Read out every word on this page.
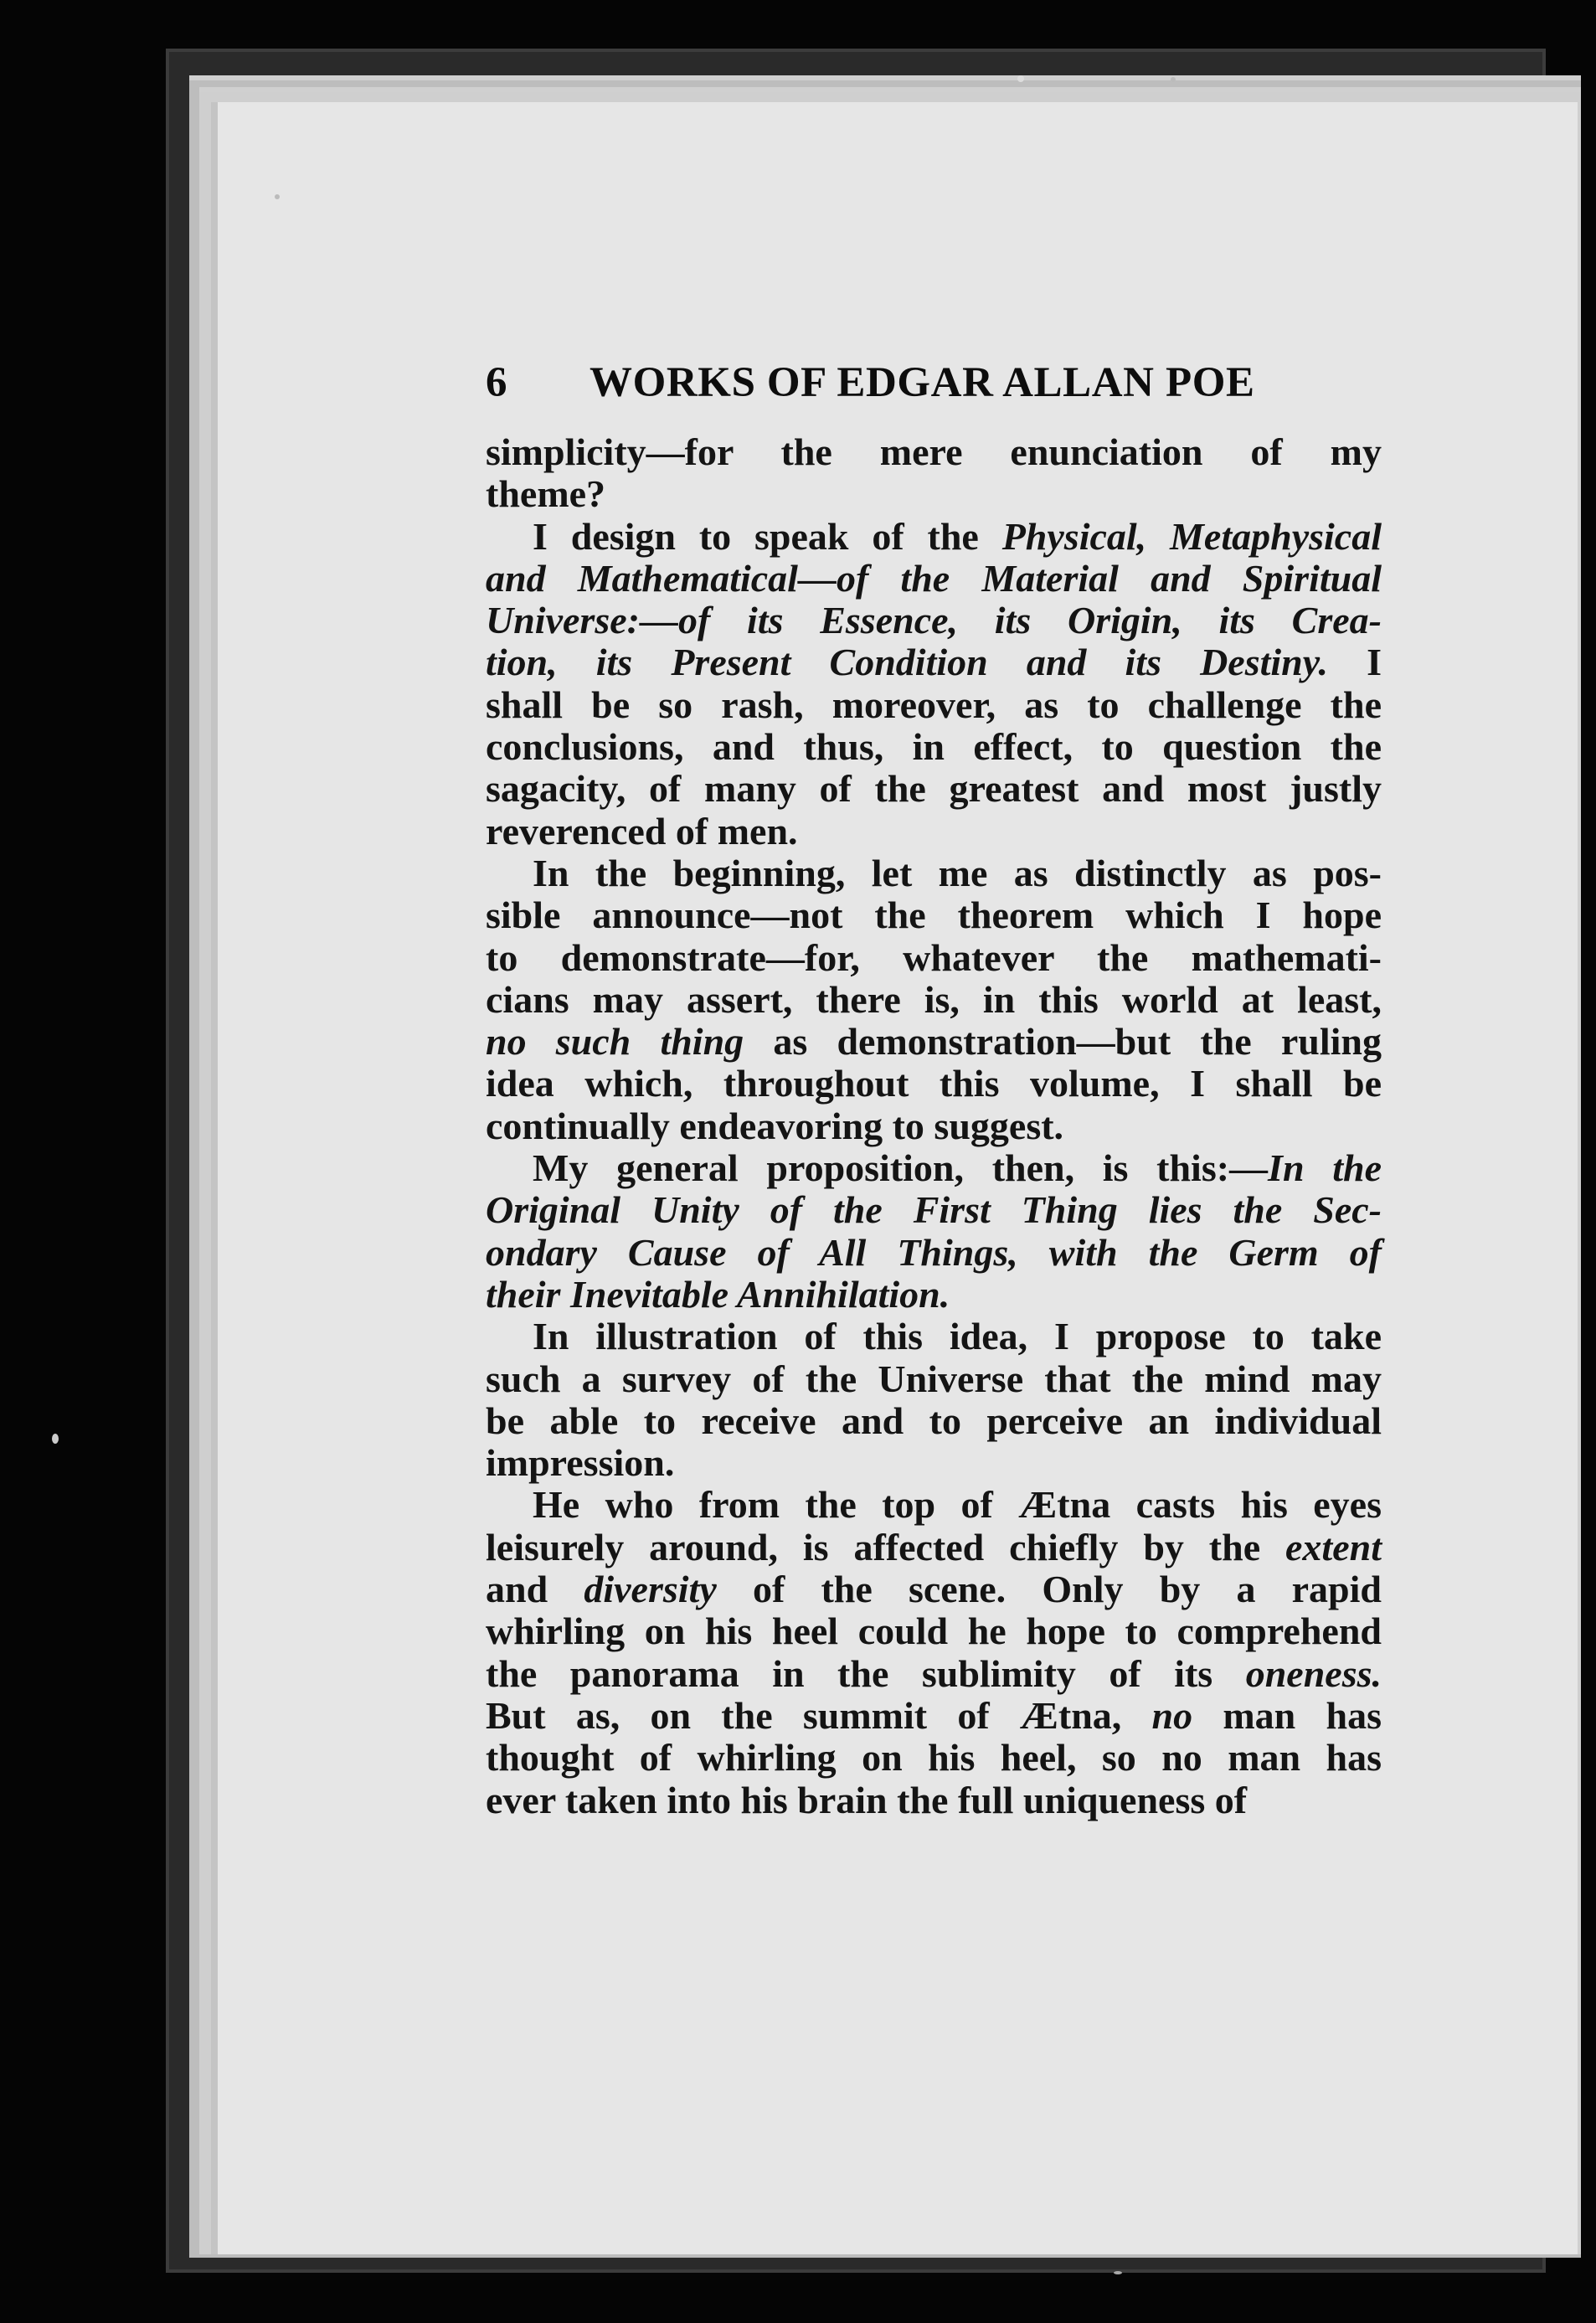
6 WORKS OF EDGAR ALLAN POE
simplicity—for the mere enunciation of my
theme?
I design to speak of the Physical, Metaphysical
and Mathematical—of the Material and Spiritual
Universe:—of its Essence, its Origin, its Crea-
tion, its Present Condition and its Destiny. I
shall be so rash, moreover, as to challenge the
conclusions, and thus, in effect, to question the
sagacity, of many of the greatest and most justly
reverenced of men.
In the beginning, let me as distinctly as pos-
sible announce—not the theorem which I hope
to demonstrate—for, whatever the mathemati-
cians may assert, there is, in this world at least,
no such thing as demonstration—but the ruling
idea which, throughout this volume, I shall be
continually endeavoring to suggest.
My general proposition, then, is this:—In the
Original Unity of the First Thing lies the Sec-
ondary Cause of All Things, with the Germ of
their Inevitable Annihilation.
In illustration of this idea, I propose to take
such a survey of the Universe that the mind may
be able to receive and to perceive an individual
impression.
He who from the top of Ætna casts his eyes
leisurely around, is affected chiefly by the extent
and diversity of the scene. Only by a rapid
whirling on his heel could he hope to comprehend
the panorama in the sublimity of its oneness.
But as, on the summit of Ætna, no man has
thought of whirling on his heel, so no man has
ever taken into his brain the full uniqueness of
